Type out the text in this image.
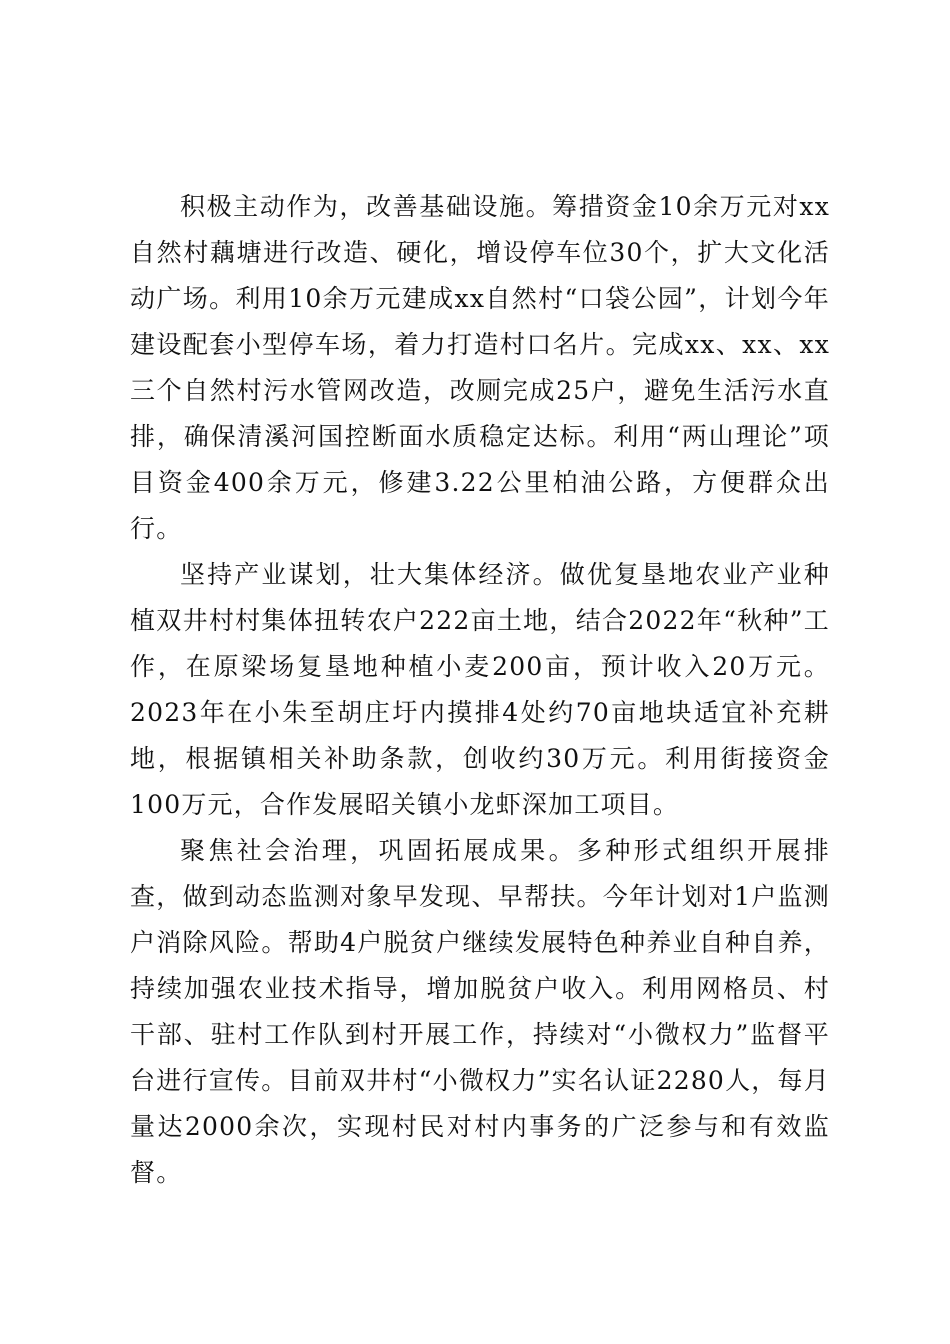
积极主动作为，改善基础设施。筹措资金10余万元对xx自然村藕塘进行改造、硬化，增设停车位30个，扩大文化活动广场。利用10余万元建成xx自然村“口袋公园”，计划今年建设配套小型停车场，着力打造村口名片。完成xx、xx、xx三个自然村污水管网改造，改厕完成25户，避免生活污水直排，确保清溪河国控断面水质稳定达标。利用“两山理论”项目资金400余万元，修建3.22公里柏油公路，方便群众出行。

坚持产业谋划，壮大集体经济。做优复垦地农业产业种植双井村村集体扭转农户222亩土地，结合2022年“秋种”工作，在原梁场复垦地种植小麦200亩，预计收入20万元。2023年在小朱至胡庄圩内摸排4处约70亩地块适宜补充耕地，根据镇相关补助条款，创收约30万元。利用街接资金100万元，合作发展昭关镇小龙虾深加工项目。

聚焦社会治理，巩固拓展成果。多种形式组织开展排查，做到动态监测对象早发现、早帮扶。今年计划对1户监测户消除风险。帮助4户脱贫户继续发展特色种养业自种自养，持续加强农业技术指导，增加脱贫户收入。利用网格员、村干部、驻村工作队到村开展工作，持续对“小微权力”监督平台进行宣传。目前双井村“小微权力”实名认证2280人，每月量达2000余次，实现村民对村内事务的广泛参与和有效监督。
